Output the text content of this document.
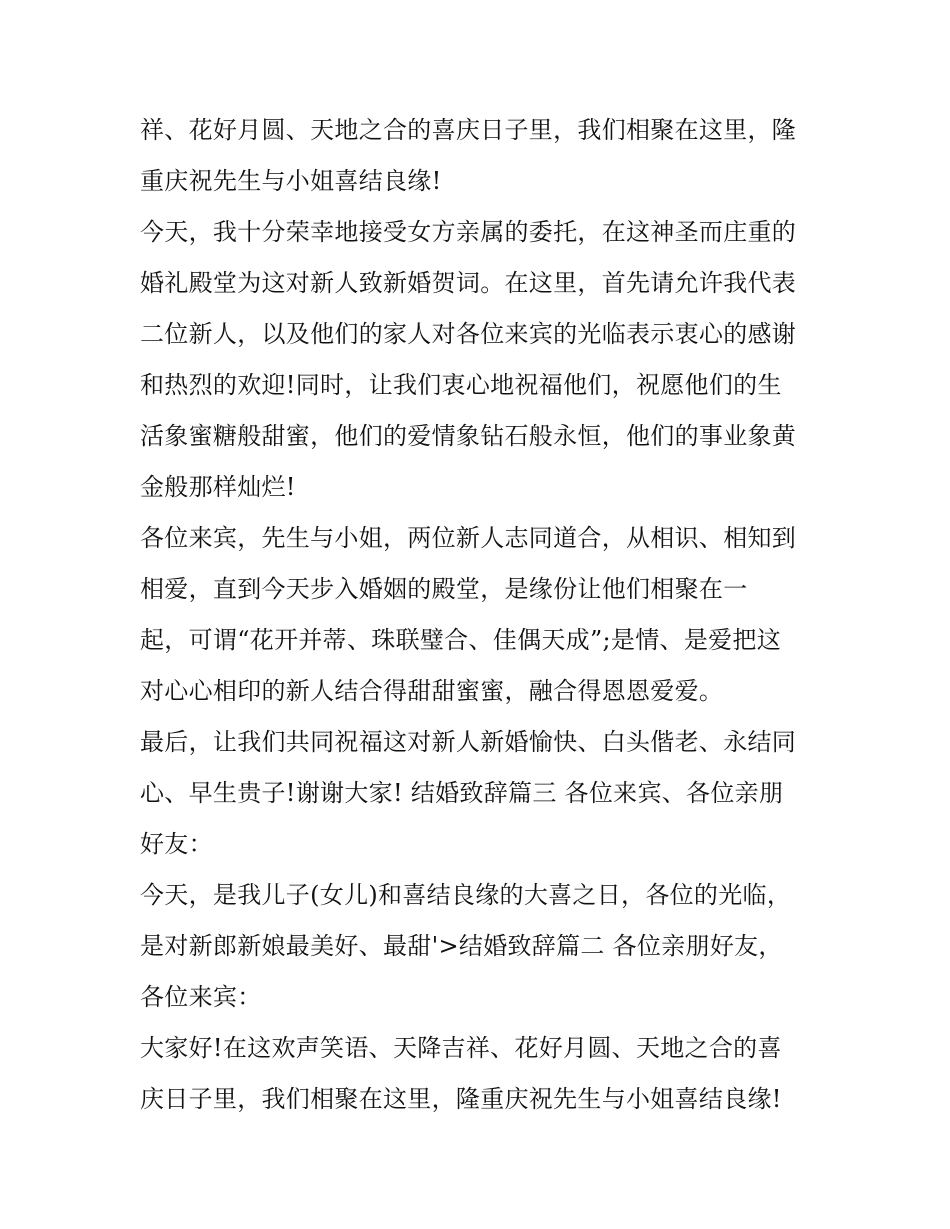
祥、花好月圆、天地之合的喜庆日子里，我们相聚在这里，隆
重庆祝先生与小姐喜结良缘!
今天，我十分荣幸地接受女方亲属的委托，在这神圣而庄重的
婚礼殿堂为这对新人致新婚贺词。在这里，首先请允许我代表
二位新人，以及他们的家人对各位来宾的光临表示衷心的感谢
和热烈的欢迎!同时，让我们衷心地祝福他们，祝愿他们的生
活象蜜糖般甜蜜，他们的爱情象钻石般永恒，他们的事业象黄
金般那样灿烂!
各位来宾，先生与小姐，两位新人志同道合，从相识、相知到
相爱，直到今天步入婚姻的殿堂，是缘份让他们相聚在一
起，可谓“花开并蒂、珠联璧合、佳偶天成”;是情、是爱把这
对心心相印的新人结合得甜甜蜜蜜，融合得恩恩爱爱。
最后，让我们共同祝福这对新人新婚愉快、白头偕老、永结同
心、早生贵子!谢谢大家! 结婚致辞篇三 各位来宾、各位亲朋
好友：
今天，是我儿子(女儿)和喜结良缘的大喜之日，各位的光临，
是对新郎新娘最美好、最甜'>结婚致辞篇二 各位亲朋好友，
各位来宾：
大家好!在这欢声笑语、天降吉祥、花好月圆、天地之合的喜
庆日子里，我们相聚在这里，隆重庆祝先生与小姐喜结良缘!
